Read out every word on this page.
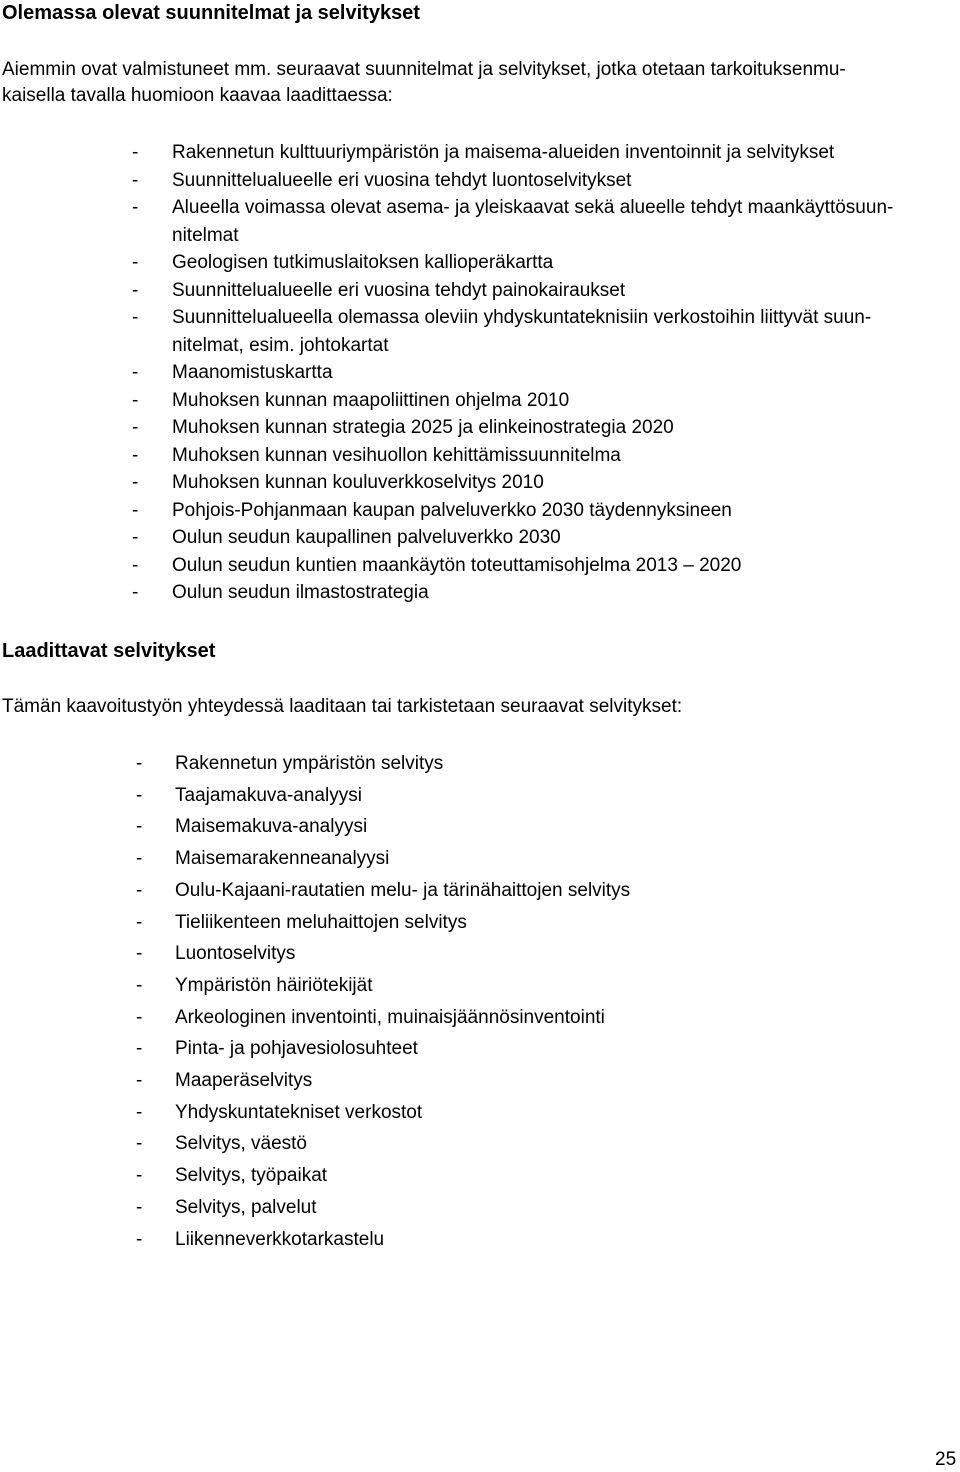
Olemassa olevat suunnitelmat ja selvitykset
Aiemmin ovat valmistuneet mm. seuraavat suunnitelmat ja selvitykset, jotka otetaan tarkoituksenmu-
kaisella tavalla huomioon kaavaa laadittaessa:
-	Rakennetun kulttuuriympäristön ja maisema-alueiden inventoinnit ja selvitykset
-	Suunnittelualueelle eri vuosina tehdyt luontoselvitykset
-	Alueella voimassa olevat asema- ja yleiskaavat sekä alueelle tehdyt maankäyttösuun-
nitelmat
-	Geologisen tutkimuslaitoksen kallioperäkartta
-	Suunnittelualueelle eri vuosina tehdyt painokairaukset
-	Suunnittelualueella olemassa oleviin yhdyskuntateknisiin verkostoihin liittyvät suun-
nitelmat, esim. johtokartat
-	Maanomistuskartta
-	Muhoksen kunnan maapoliittinen ohjelma 2010
-	Muhoksen kunnan strategia 2025 ja elinkeinostrategia 2020
-	Muhoksen kunnan vesihuollon kehittämissuunnitelma
-	Muhoksen kunnan kouluverkkoselvitys 2010
-	Pohjois-Pohjanmaan kaupan palveluverkko 2030 täydennyksineen
-	Oulun seudun kaupallinen palveluverkko 2030
-	Oulun seudun kuntien maankäytön toteuttamisohjelma 2013 – 2020
-	Oulun seudun ilmastostrategia
Laadittavat selvitykset
Tämän kaavoitustyön yhteydessä laaditaan tai tarkistetaan seuraavat selvitykset:
-	Rakennetun ympäristön selvitys
-	Taajamakuva-analyysi
-	Maisemakuva-analyysi
-	Maisemarakenneanalyysi
-	Oulu-Kajaani-rautatien melu- ja tärinähaittojen selvitys
-	Tieliikenteen meluhaittojen selvitys
-	Luontoselvitys
-	Ympäristön häiriötekijät
-	Arkeologinen inventointi, muinaisjäännösinventointi
-	Pinta- ja pohjavesiolosuhteet
-	Maaperäselvitys
-	Yhdyskuntatekniset verkostot
-	Selvitys, väestö
-	Selvitys, työpaikat
-	Selvitys, palvelut
-	Liikenneverkkotarkastelu
25
